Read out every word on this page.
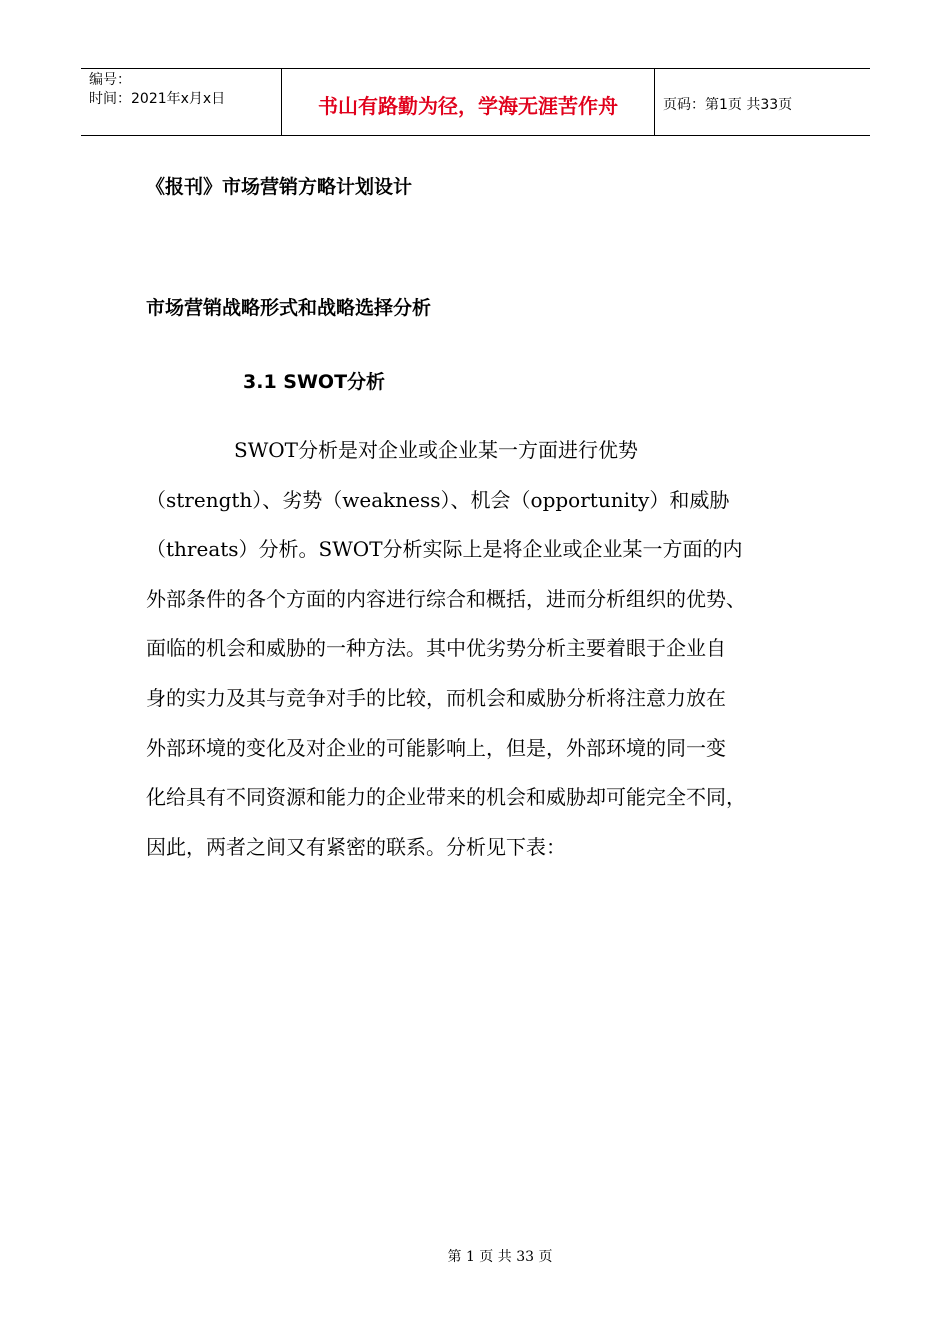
编号：
时间：2021年x月x日	书山有路勤为径，学海无涯苦作舟	页码：第1页 共33页
《报刊》市场营销方略计划设计
市场营销战略形式和战略选择分析
3.1 SWOT分析
SWOT分析是对企业或企业某一方面进行优势
（strength）、劣势（weakness）、机会（opportunity）和威胁
（threats）分析。SWOT分析实际上是将企业或企业某一方面的内
外部条件的各个方面的内容进行综合和概括，进而分析组织的优势、
面临的机会和威胁的一种方法。其中优劣势分析主要着眼于企业自
身的实力及其与竞争对手的比较，而机会和威胁分析将注意力放在
外部环境的变化及对企业的可能影响上，但是，外部环境的同一变
化给具有不同资源和能力的企业带来的机会和威胁却可能完全不同，
因此，两者之间又有紧密的联系。分析见下表：
第 1 页 共 33 页
